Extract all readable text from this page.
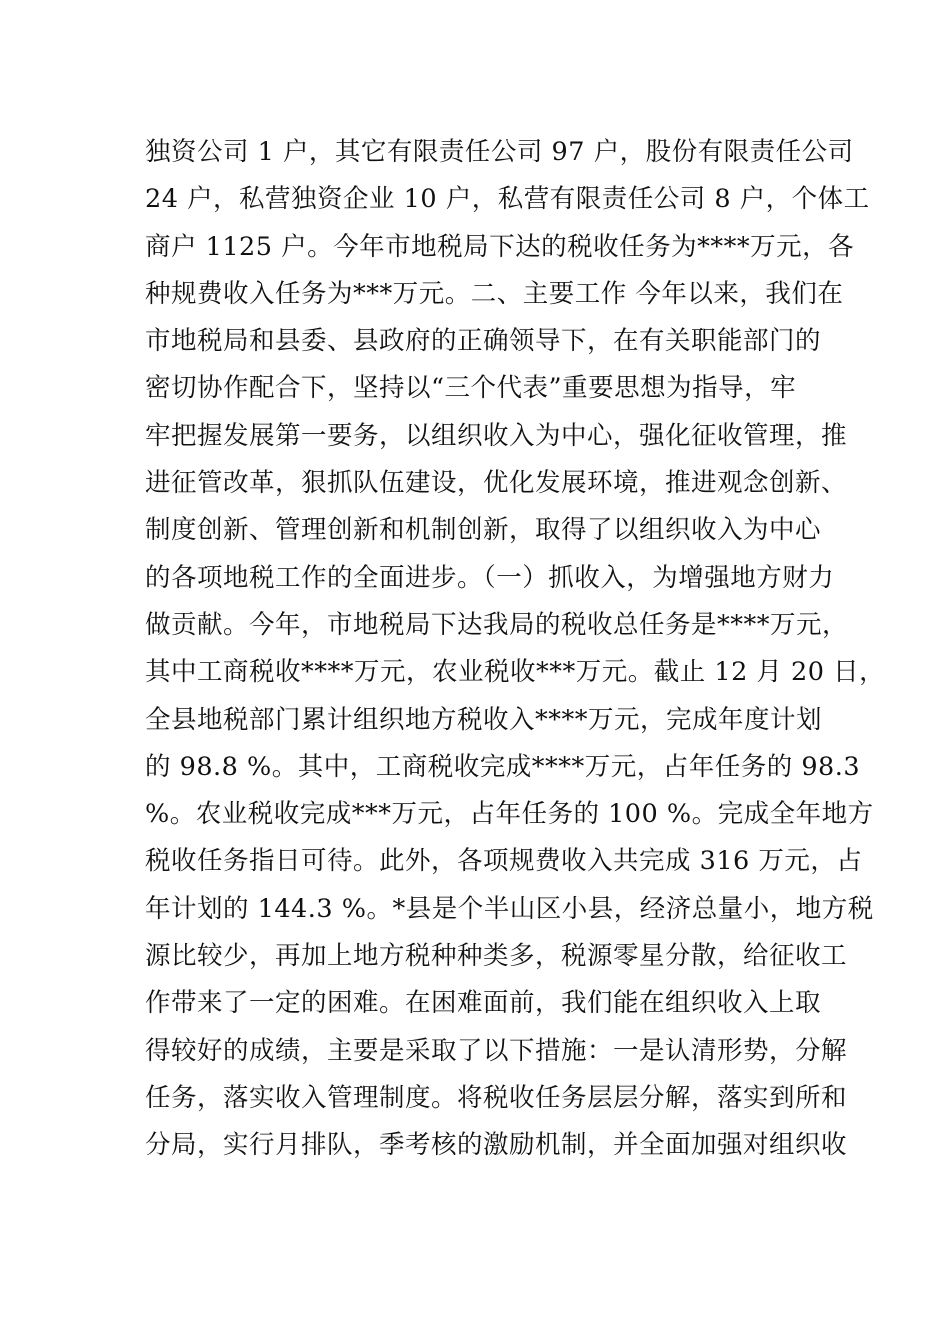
独资公司 1 户，其它有限责任公司 97 户，股份有限责任公司
24 户，私营独资企业 10 户，私营有限责任公司 8 户，个体工
商户 1125 户。今年市地税局下达的税收任务为****万元，各
种规费收入任务为***万元。二、主要工作 今年以来，我们在
市地税局和县委、县政府的正确领导下，在有关职能部门的
密切协作配合下，坚持以“三个代表”重要思想为指导，牢
牢把握发展第一要务，以组织收入为中心，强化征收管理，推
进征管改革，狠抓队伍建设，优化发展环境，推进观念创新、
制度创新、管理创新和机制创新，取得了以组织收入为中心
的各项地税工作的全面进步。（一）抓收入，为增强地方财力
做贡献。今年，市地税局下达我局的税收总任务是****万元，
其中工商税收****万元，农业税收***万元。截止 12 月 20 日，
全县地税部门累计组织地方税收入****万元，完成年度计划
的 98.8 %。其中，工商税收完成****万元，占年任务的 98.3
%。农业税收完成***万元，占年任务的 100 %。完成全年地方
税收任务指日可待。此外，各项规费收入共完成 316 万元，占
年计划的 144.3 %。*县是个半山区小县，经济总量小，地方税
源比较少，再加上地方税种种类多，税源零星分散，给征收工
作带来了一定的困难。在困难面前，我们能在组织收入上取
得较好的成绩，主要是采取了以下措施：一是认清形势，分解
任务，落实收入管理制度。将税收任务层层分解，落实到所和
分局，实行月排队，季考核的激励机制，并全面加强对组织收
